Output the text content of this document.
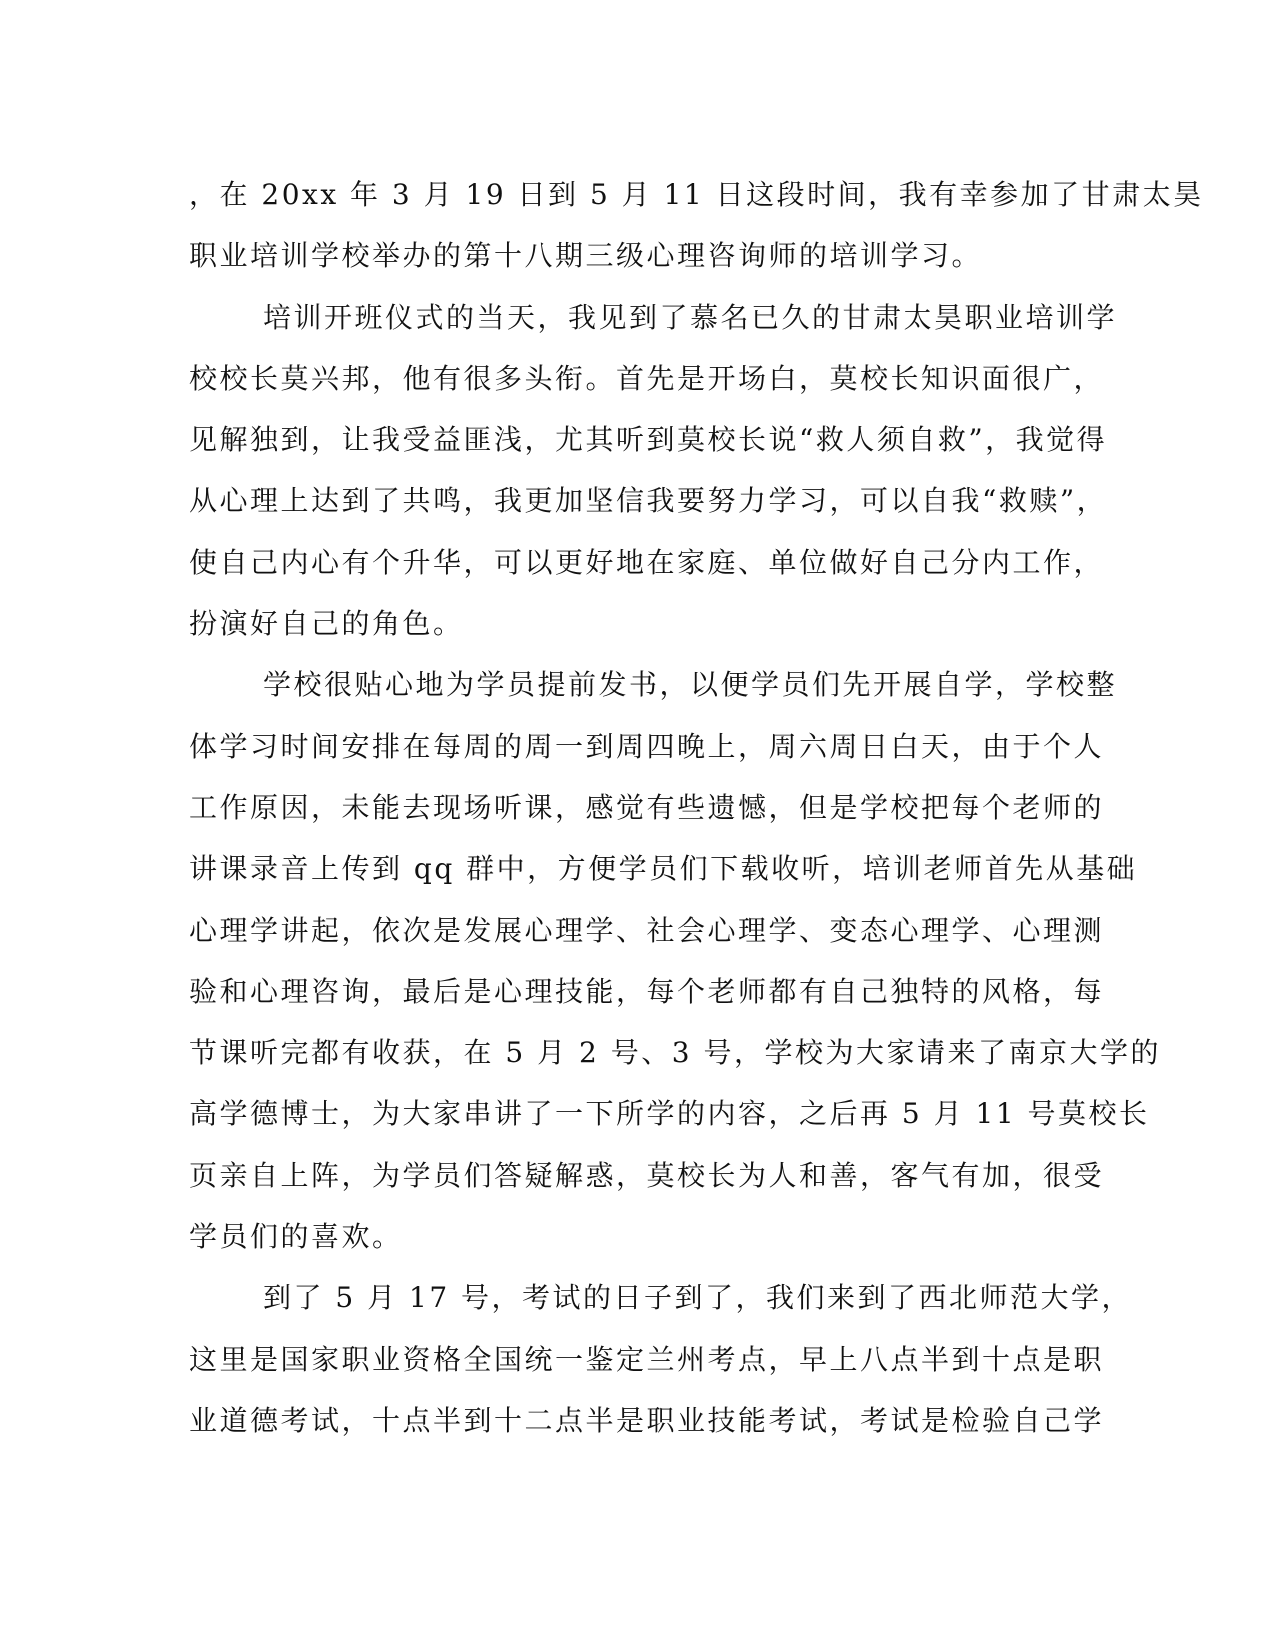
，在 20xx 年 3 月 19 日到 5 月 11 日这段时间，我有幸参加了甘肃太昊
职业培训学校举办的第十八期三级心理咨询师的培训学习。
培训开班仪式的当天，我见到了慕名已久的甘肃太昊职业培训学
校校长莫兴邦，他有很多头衔。首先是开场白，莫校长知识面很广，
见解独到，让我受益匪浅，尤其听到莫校长说“救人须自救”，我觉得
从心理上达到了共鸣，我更加坚信我要努力学习，可以自我“救赎”，
使自己内心有个升华，可以更好地在家庭、单位做好自己分内工作，
扮演好自己的角色。
学校很贴心地为学员提前发书，以便学员们先开展自学，学校整
体学习时间安排在每周的周一到周四晚上，周六周日白天，由于个人
工作原因，未能去现场听课，感觉有些遗憾，但是学校把每个老师的
讲课录音上传到 qq 群中，方便学员们下载收听，培训老师首先从基础
心理学讲起，依次是发展心理学、社会心理学、变态心理学、心理测
验和心理咨询，最后是心理技能，每个老师都有自己独特的风格，每
节课听完都有收获，在 5 月 2 号、3 号，学校为大家请来了南京大学的
高学德博士，为大家串讲了一下所学的内容，之后再 5 月 11 号莫校长
页亲自上阵，为学员们答疑解惑，莫校长为人和善，客气有加，很受
学员们的喜欢。
到了 5 月 17 号，考试的日子到了，我们来到了西北师范大学，
这里是国家职业资格全国统一鉴定兰州考点，早上八点半到十点是职
业道德考试，十点半到十二点半是职业技能考试，考试是检验自己学
